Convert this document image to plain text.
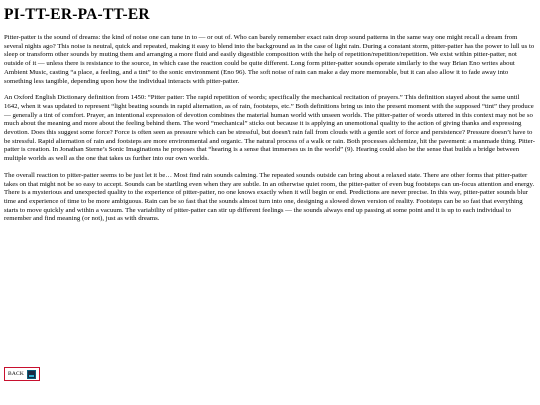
PI-TT-ER-PA-TT-ER

Pitter-patter is the sound of dreams: the kind of noise one can tune in to — or out of. Who can barely remember exact rain drop sound patterns in the same way one might recall a dream from several nights ago? This noise is neutral, quick and repeated, making it easy to blend into the background as in the case of light rain. During a constant storm, pitter-patter has the power to lull us to sleep or transform other sounds by muting them and arranging a more fluid and easily digestible composition with the help of repetition/repetition/repetition. We exist within pitter-patter, not outside of it — unless there is resistance to the source, in which case the reaction could be quite different. Long form pitter-patter sounds operate similarly to the way Brian Eno writes about Ambient Music, casting “a place, a feeling, and a tint” to the sonic environment (Eno 96). The soft noise of rain can make a day more memorable, but it can also allow it to fade away into something less tangible, depending upon how the individual interacts with pitter-patter.

An Oxford English Dictionary definition from 1450: “Pitter patter: The rapid repetition of words; specifically the mechanical recitation of prayers.” This definition stayed about the same until 1642, when it was updated to represent “light beating sounds in rapid alternation, as of rain, footsteps, etc.” Both definitions bring us into the present moment with the supposed “tint” they produce — generally a tint of comfort. Prayer, an intentional expression of devotion combines the material human world with unseen worlds. The pitter-patter of words uttered in this context may not be so much about the meaning and more about the feeling behind them. The word “mechanical” sticks out because it is applying an unemotional quality to the action of giving thanks and expressing devotion. Does this suggest some force? Force is often seen as pressure which can be stressful, but doesn't rain fall from clouds with a gentle sort of force and persistence? Pressure doesn’t have to be stressful. Rapid alternation of rain and footsteps are more environmental and organic. The natural process of a walk or rain. Both processes alchemize, hit the pavement: a manmade thing. Pitter-patter is creation. In Jonathan Sterne’s Sonic Imaginations he proposes that “hearing is a sense that immerses us in the world” (9). Hearing could also be the sense that builds a bridge between multiple worlds as well as the one that takes us further into our own worlds.

The overall reaction to pitter-patter seems to be just let it be… Most find rain sounds calming. The repeated sounds outside can bring about a relaxed state. There are other forms that pitter-patter takes on that might not be so easy to accept. Sounds can be startling even when they are subtle. In an otherwise quiet room, the pitter-patter of even bug footsteps can un-focus attention and energy. There is a mysterious and unexpected quality to the experience of pitter-patter, no one knows exactly when it will begin or end. Predictions are never precise. In this way, pitter-patter sounds blur time and experience of time to be more ambiguous. Rain can be so fast that the sounds almost turn into one, designing a slowed down version of reality. Footsteps can be so fast that everything starts to move quickly and within a vacuum. The variability of pitter-patter can stir up different feelings — the sounds always end up passing at some point and it is up to each individual to remember and find meaning (or not), just as with dreams.

BACK
